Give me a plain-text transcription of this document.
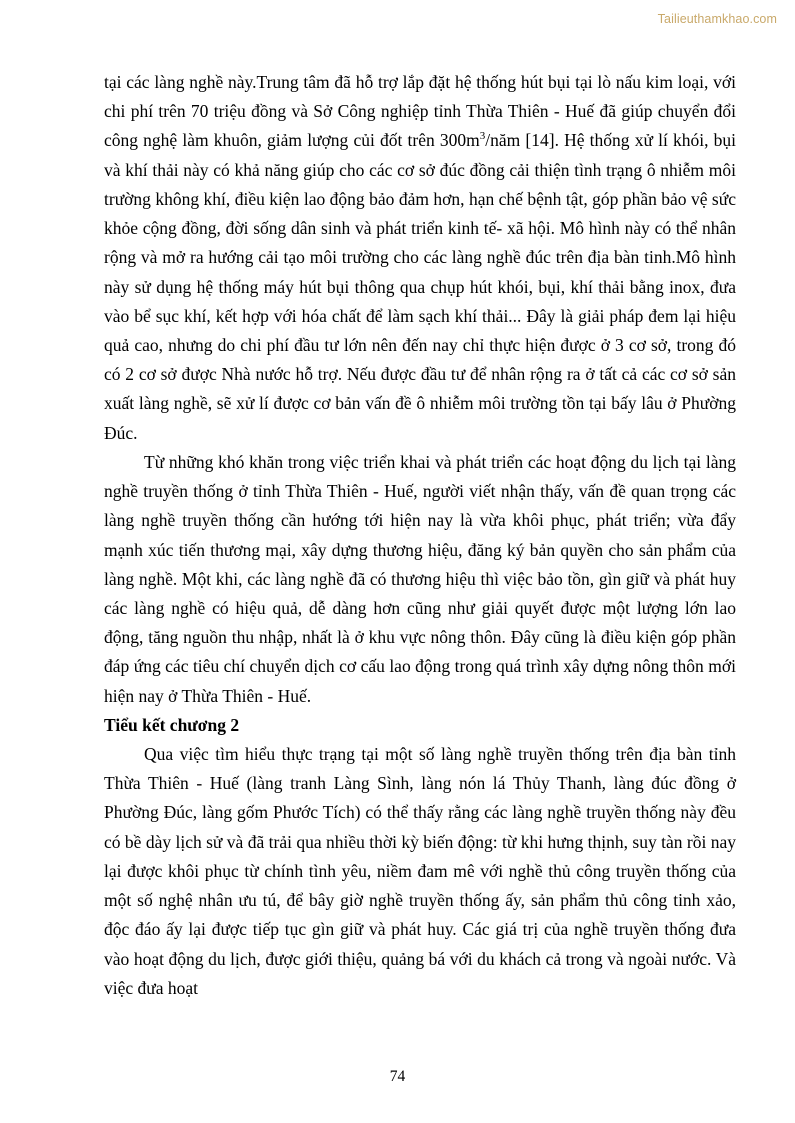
Tailieuthamkhao.com

tại các làng nghề này.Trung tâm đã hỗ trợ lắp đặt hệ thống hút bụi tại lò nấu kim loại, với chi phí trên 70 triệu đồng và Sở Công nghiệp tỉnh Thừa Thiên - Huế đã giúp chuyển đổi công nghệ làm khuôn, giảm lượng củi đốt trên $300m^3$/năm [14]. Hệ thống xử lí khói, bụi và khí thải này có khả năng giúp cho các cơ sở đúc đồng cải thiện tình trạng ô nhiễm môi trường không khí, điều kiện lao động bảo đảm hơn, hạn chế bệnh tật, góp phần bảo vệ sức khỏe cộng đồng, đời sống dân sinh và phát triển kinh tế- xã hội. Mô hình này có thể nhân rộng và mở ra hướng cải tạo môi trường cho các làng nghề đúc trên địa bàn tinh.Mô hình này sử dụng hệ thống máy hút bụi thông qua chụp hút khói, bụi, khí thải bằng inox, đưa vào bể sục khí, kết hợp với hóa chất để làm sạch khí thải... Đây là giải pháp đem lại hiệu quả cao, nhưng do chi phí đầu tư lớn nên đến nay chỉ thực hiện được ở 3 cơ sở, trong đó có 2 cơ sở được Nhà nước hỗ trợ. Nếu được đầu tư để nhân rộng ra ở tất cả các cơ sở sản xuất làng nghề, sẽ xử lí được cơ bản vấn đề ô nhiễm môi trường tồn tại bấy lâu ở Phường Đúc.

Từ những khó khăn trong việc triển khai và phát triển các hoạt động du lịch tại làng nghề truyền thống ở tỉnh Thừa Thiên - Huế, người viết nhận thấy, vấn đề quan trọng các làng nghề truyền thống cần hướng tới hiện nay là vừa khôi phục, phát triển; vừa đẩy mạnh xúc tiến thương mại, xây dựng thương hiệu, đăng ký bản quyền cho sản phẩm của làng nghề. Một khi, các làng nghề đã có thương hiệu thì việc bảo tồn, gìn giữ và phát huy các làng nghề có hiệu quả, dễ dàng hơn cũng như giải quyết được một lượng lớn lao động, tăng nguồn thu nhập, nhất là ở khu vực nông thôn. Đây cũng là điều kiện góp phần đáp ứng các tiêu chí chuyển dịch cơ cấu lao động trong quá trình xây dựng nông thôn mới hiện nay ở Thừa Thiên - Huế.

Tiểu kết chương 2

Qua việc tìm hiểu thực trạng tại một số làng nghề truyền thống trên địa bàn tỉnh Thừa Thiên - Huế (làng tranh Làng Sình, làng nón lá Thủy Thanh, làng đúc đồng ở Phường Đúc, làng gốm Phước Tích) có thể thấy rằng các làng nghề truyền thống này đều có bề dày lịch sử và đã trải qua nhiều thời kỳ biến động: từ khi hưng thịnh, suy tàn rồi nay lại được khôi phục từ chính tình yêu, niềm đam mê với nghề thủ công truyền thống của một số nghệ nhân ưu tú, để bây giờ nghề truyền thống ấy, sản phẩm thủ công tinh xảo, độc đáo ấy lại được tiếp tục gìn giữ và phát huy. Các giá trị của nghề truyền thống đưa vào hoạt động du lịch, được giới thiệu, quảng bá với du khách cả trong và ngoài nước. Và việc đưa hoạt

74
